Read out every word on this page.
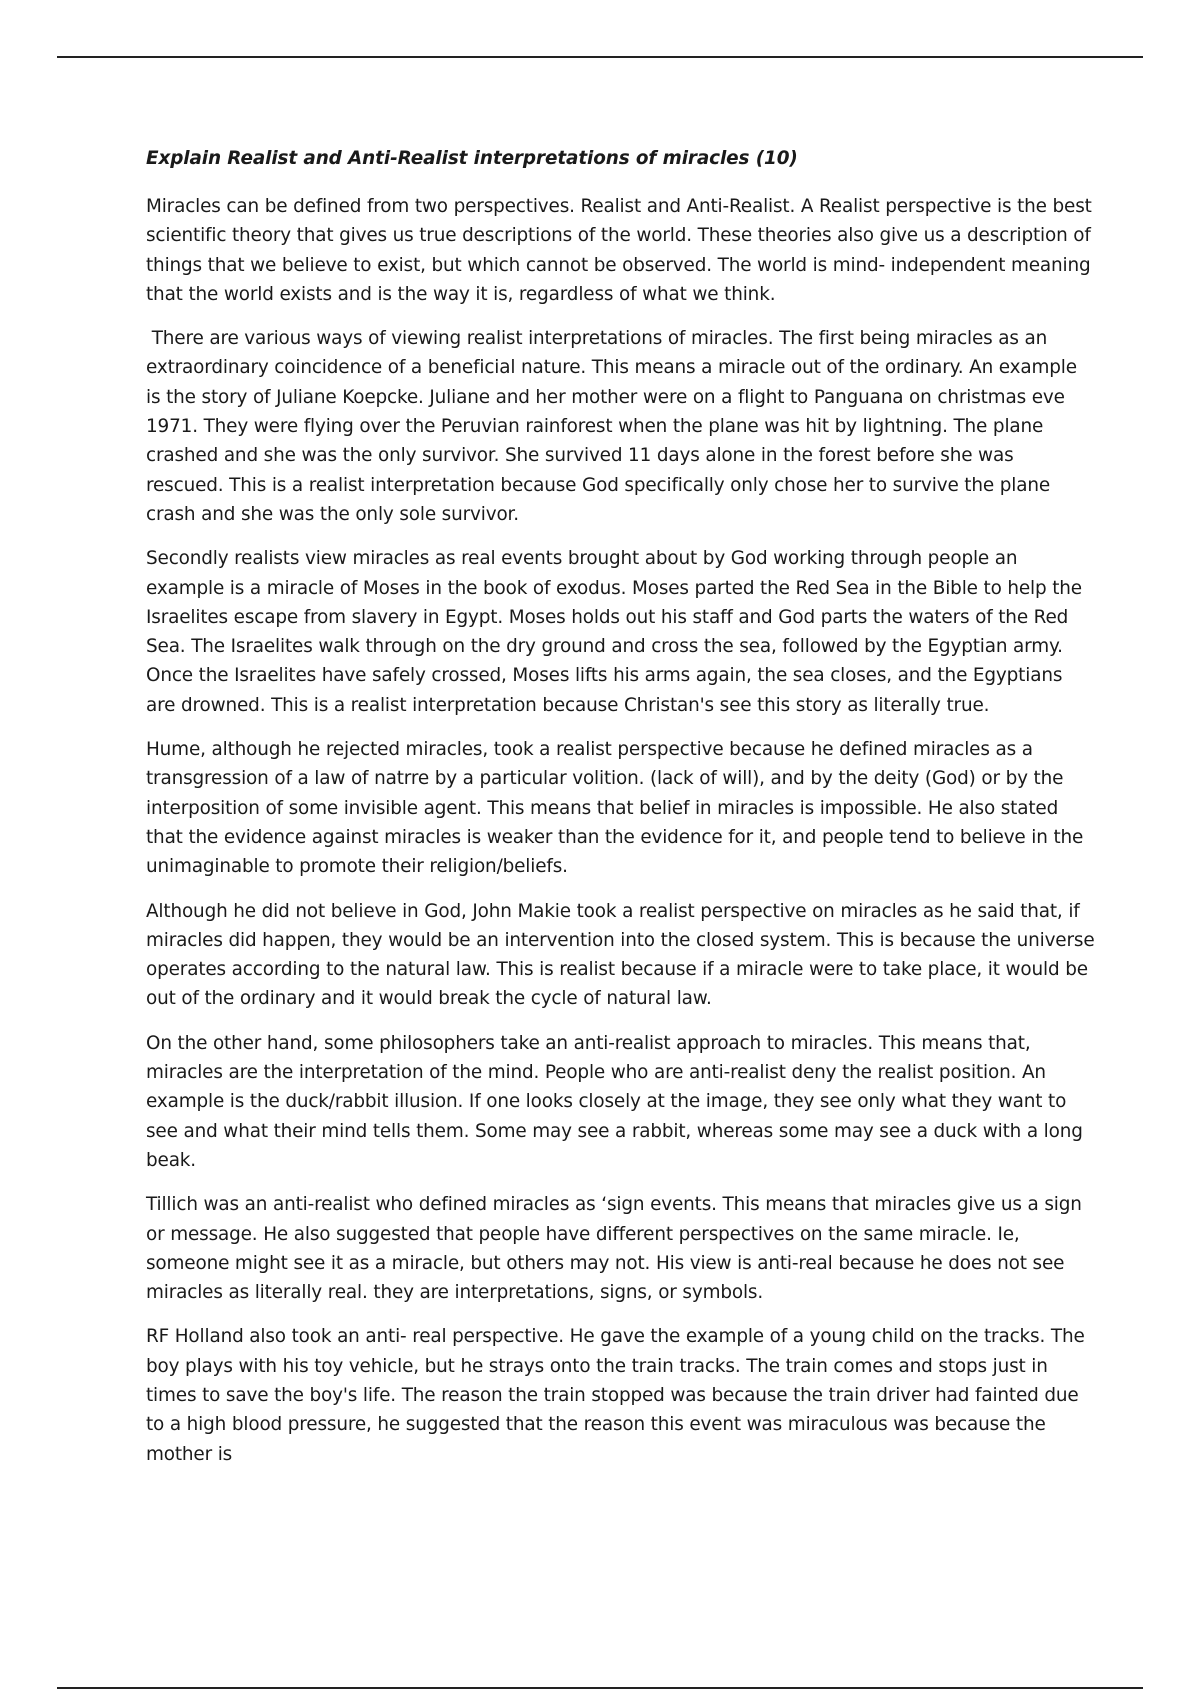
Explain Realist and Anti-Realist interpretations of miracles (10)

Miracles can be defined from two perspectives. Realist and Anti-Realist. A Realist perspective is the best scientific theory that gives us true descriptions of the world. These theories also give us a description of things that we believe to exist, but which cannot be observed. The world is mind- independent meaning that the world exists and is the way it is, regardless of what we think.

There are various ways of viewing realist interpretations of miracles. The first being miracles as an extraordinary coincidence of a beneficial nature. This means a miracle out of the ordinary. An example is the story of Juliane Koepcke. Juliane and her mother were on a flight to Panguana on christmas eve 1971. They were flying over the Peruvian rainforest when the plane was hit by lightning. The plane crashed and she was the only survivor. She survived 11 days alone in the forest before she was rescued. This is a realist interpretation because God specifically only chose her to survive the plane crash and she was the only sole survivor.

Secondly realists view miracles as real events brought about by God working through people an example is a miracle of Moses in the book of exodus. Moses parted the Red Sea in the Bible to help the Israelites escape from slavery in Egypt. Moses holds out his staff and God parts the waters of the Red Sea. The Israelites walk through on the dry ground and cross the sea, followed by the Egyptian army. Once the Israelites have safely crossed, Moses lifts his arms again, the sea closes, and the Egyptians are drowned. This is a realist interpretation because Christan's see this story as literally true.

Hume, although he rejected miracles, took a realist perspective because he defined miracles as a transgression of a law of natrre by a particular volition. (lack of will), and by the deity (God) or by the interposition of some invisible agent. This means that belief in miracles is impossible. He also stated that the evidence against miracles is weaker than the evidence for it, and people tend to believe in the unimaginable to promote their religion/beliefs.

Although he did not believe in God, John Makie took a realist perspective on miracles as he said that, if miracles did happen, they would be an intervention into the closed system. This is because the universe operates according to the natural law. This is realist because if a miracle were to take place, it would be out of the ordinary and it would break the cycle of natural law.

On the other hand, some philosophers take an anti-realist approach to miracles. This means that, miracles are the interpretation of the mind. People who are anti-realist deny the realist position. An example is the duck/rabbit illusion. If one looks closely at the image, they see only what they want to see and what their mind tells them. Some may see a rabbit, whereas some may see a duck with a long beak.

Tillich was an anti-realist who defined miracles as ‘sign events. This means that miracles give us a sign or message. He also suggested that people have different perspectives on the same miracle. Ie, someone might see it as a miracle, but others may not. His view is anti-real because he does not see miracles as literally real. they are interpretations, signs, or symbols.

RF Holland also took an anti- real perspective. He gave the example of a young child on the tracks. The boy plays with his toy vehicle, but he strays onto the train tracks. The train comes and stops just in times to save the boy's life. The reason the train stopped was because the train driver had fainted due to a high blood pressure, he suggested that the reason this event was miraculous was because the mother is
